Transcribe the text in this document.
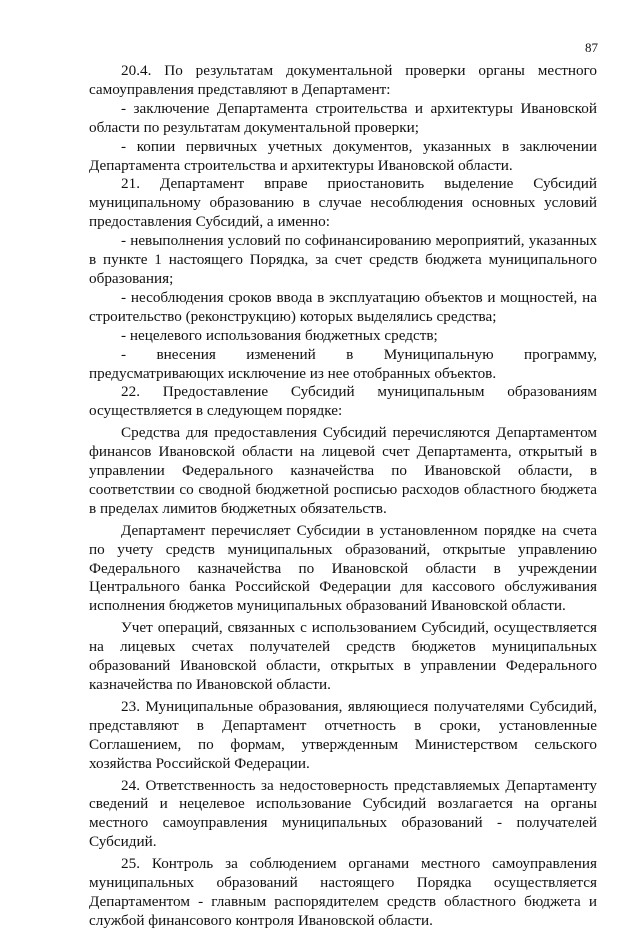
87

20.4. По результатам документальной проверки органы местного самоуправления представляют в Департамент:

- заключение Департамента строительства и архитектуры Ивановской области по результатам документальной проверки;

- копии первичных учетных документов, указанных в заключении Департамента строительства и архитектуры Ивановской области.

21. Департамент вправе приостановить выделение Субсидий муниципальному образованию в случае несоблюдения основных условий предоставления Субсидий, а именно:

- невыполнения условий по софинансированию мероприятий, указанных в пункте 1 настоящего Порядка, за счет средств бюджета муниципального образования;

- несоблюдения сроков ввода в эксплуатацию объектов и мощностей, на строительство (реконструкцию) которых выделялись средства;

- нецелевого использования бюджетных средств;

- внесения изменений в Муниципальную программу, предусматривающих исключение из нее отобранных объектов.

22. Предоставление Субсидий муниципальным образованиям осуществляется в следующем порядке:

Средства для предоставления Субсидий перечисляются Департаментом финансов Ивановской области на лицевой счет Департамента, открытый в управлении Федерального казначейства по Ивановской области, в соответствии со сводной бюджетной росписью расходов областного бюджета в пределах лимитов бюджетных обязательств.

Департамент перечисляет Субсидии в установленном порядке на счета по учету средств муниципальных образований, открытые управлению Федерального казначейства по Ивановской области в учреждении Центрального банка Российской Федерации для кассового обслуживания исполнения бюджетов муниципальных образований Ивановской области.

Учет операций, связанных с использованием Субсидий, осуществляется на лицевых счетах получателей средств бюджетов муниципальных образований Ивановской области, открытых в управлении Федерального казначейства по Ивановской области.

23. Муниципальные образования, являющиеся получателями Субсидий, представляют в Департамент отчетность в сроки, установленные Соглашением, по формам, утвержденным Министерством сельского хозяйства Российской Федерации.

24. Ответственность за недостоверность представляемых Департаменту сведений и нецелевое использование Субсидий возлагается на органы местного самоуправления муниципальных образований - получателей Субсидий.

25. Контроль за соблюдением органами местного самоуправления муниципальных образований настоящего Порядка осуществляется Департаментом - главным распорядителем средств областного бюджета и службой финансового контроля Ивановской области.
